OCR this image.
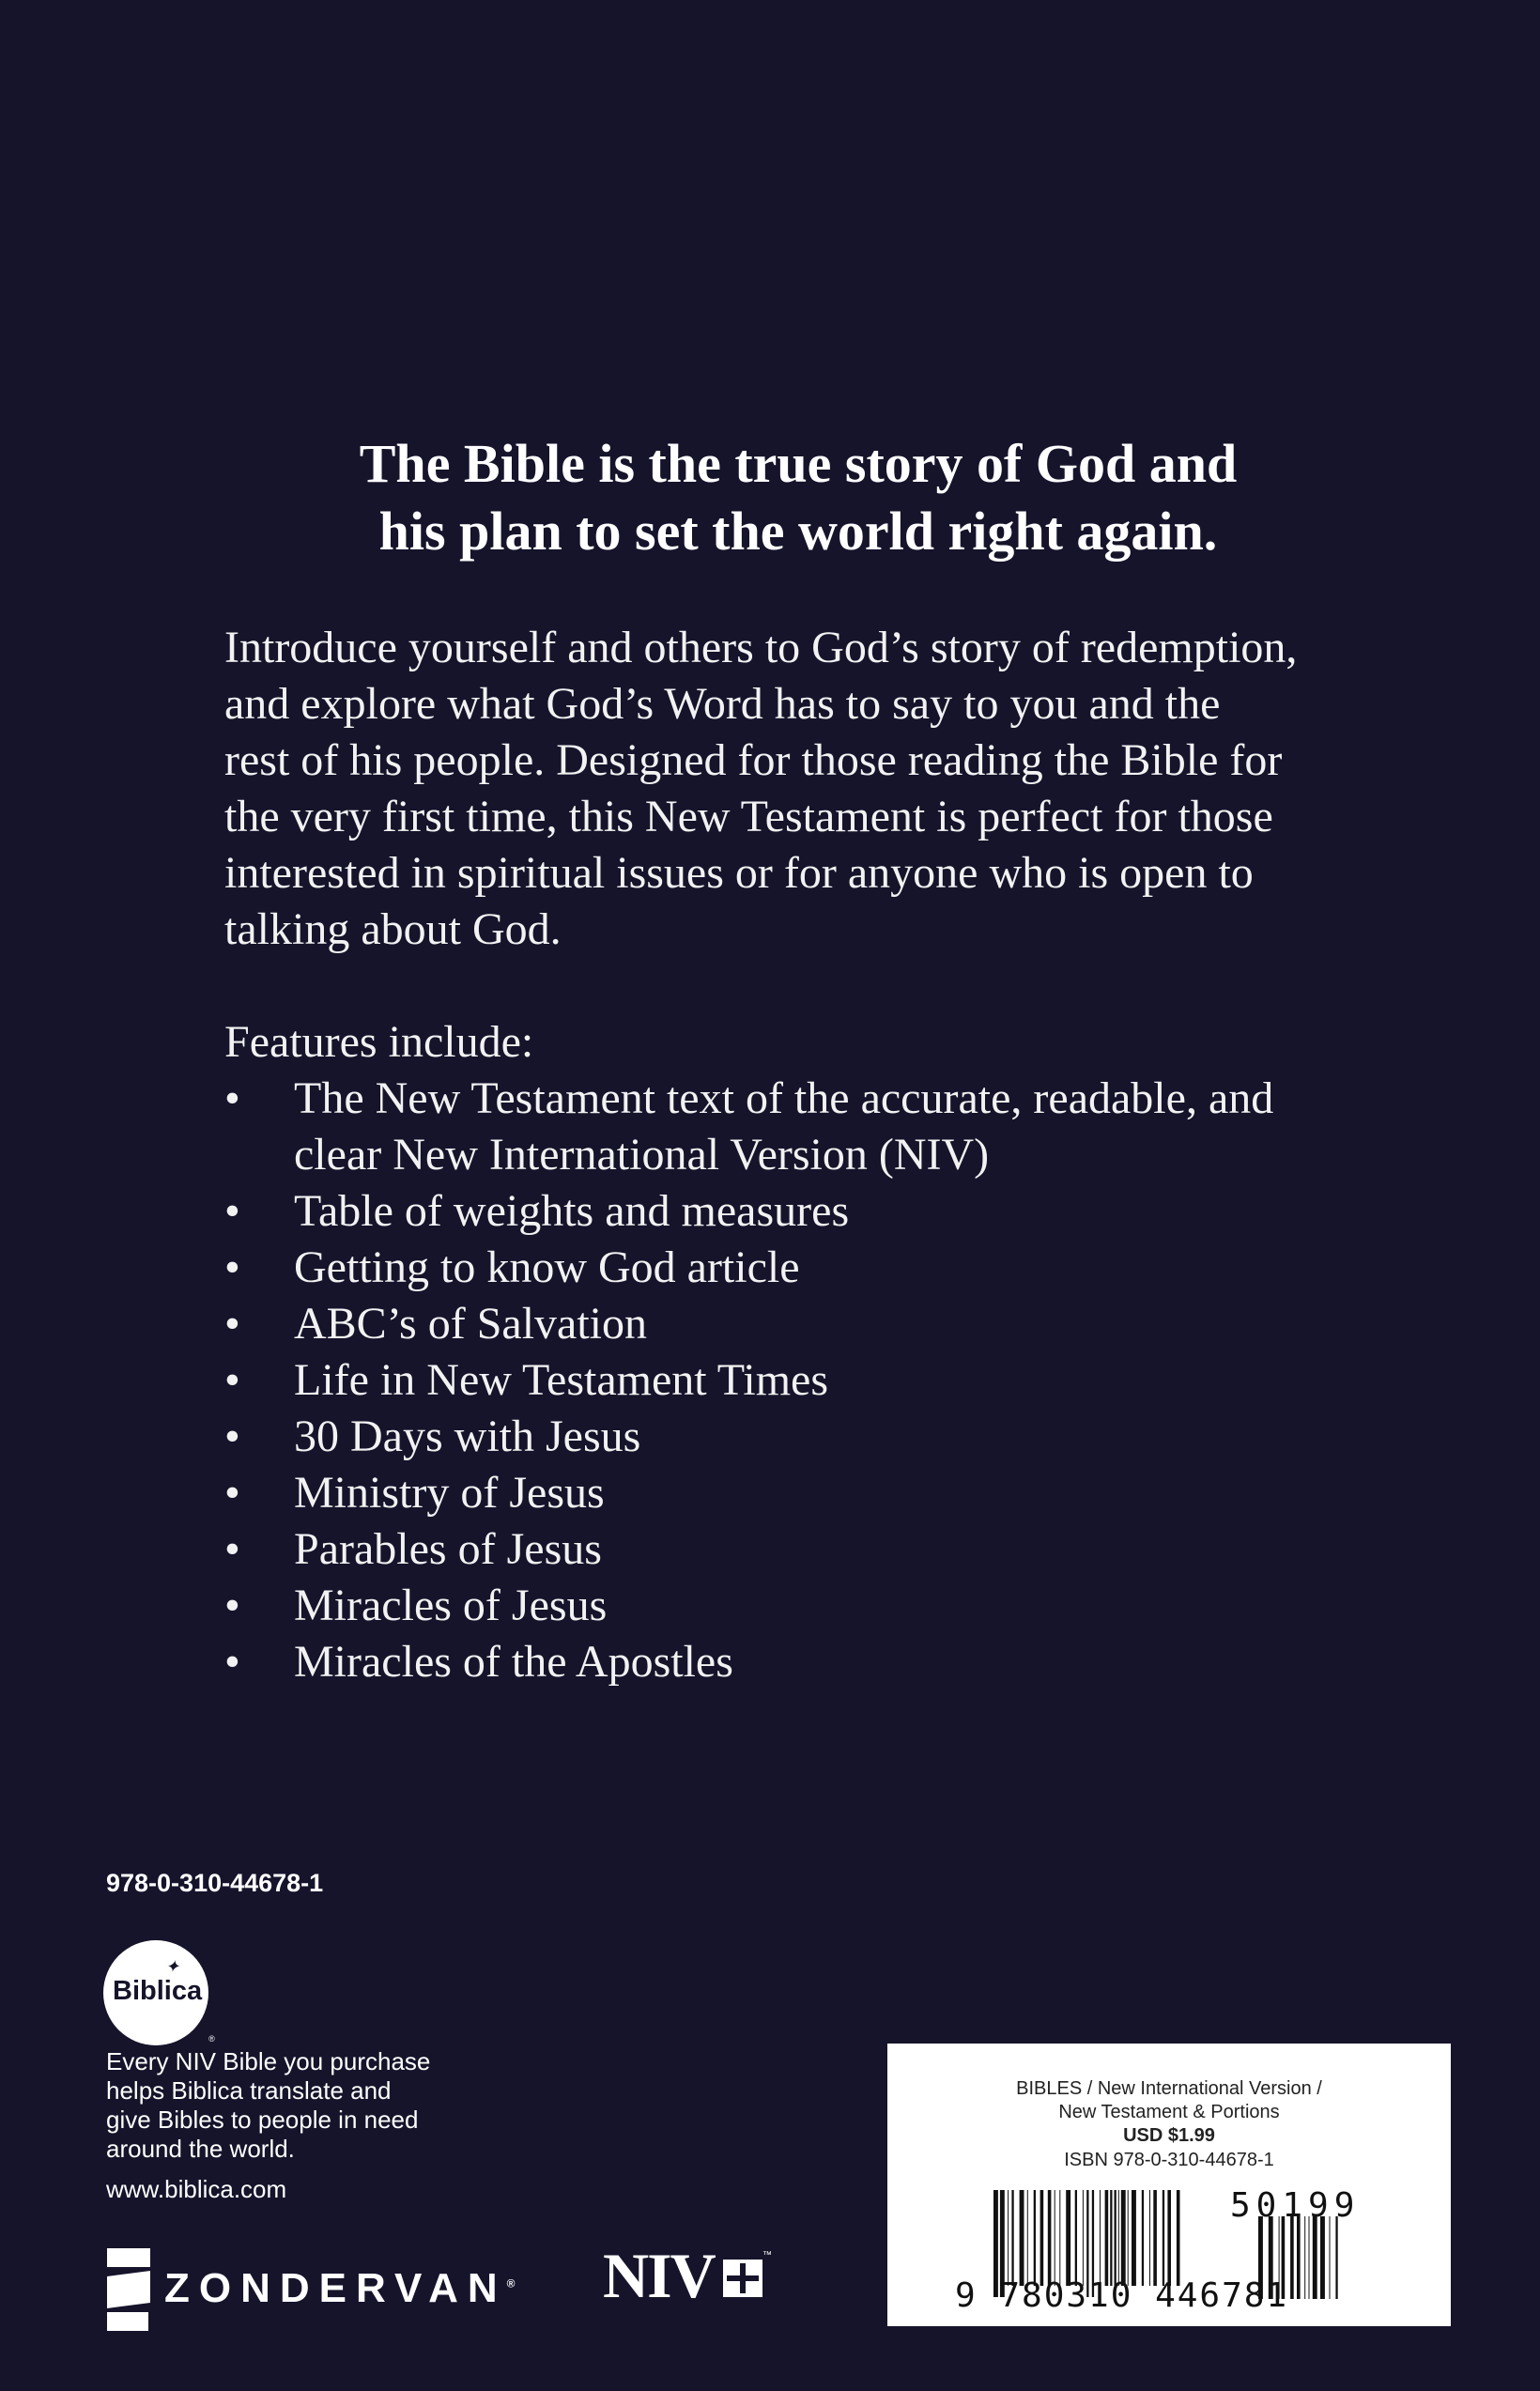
The Bible is the true story of God and
his plan to set the world right again.
Introduce yourself and others to God’s story of redemption,
and explore what God’s Word has to say to you and the
rest of his people. Designed for those reading the Bible for
the very first time, this New Testament is perfect for those
interested in spiritual issues or for anyone who is open to
talking about God.
Features include:
• The New Testament text of the accurate, readable, and
clear New International Version (NIV)
• Table of weights and measures
• Getting to know God article
• ABC’s of Salvation
• Life in New Testament Times
• 30 Days with Jesus
• Ministry of Jesus
• Parables of Jesus
• Miracles of Jesus
• Miracles of the Apostles
978-0-310-44678-1
Biblica
✦
®
Every NIV Bible you purchase
helps Biblica translate and
give Bibles to people in need
around the world.
www.biblica.com
ZONDERVAN® NIV	™
BIBLES / New International Version /
New Testament & Portions
USD $1.99
ISBN 978-0-310-44678-1
9 780310 446781
50199
